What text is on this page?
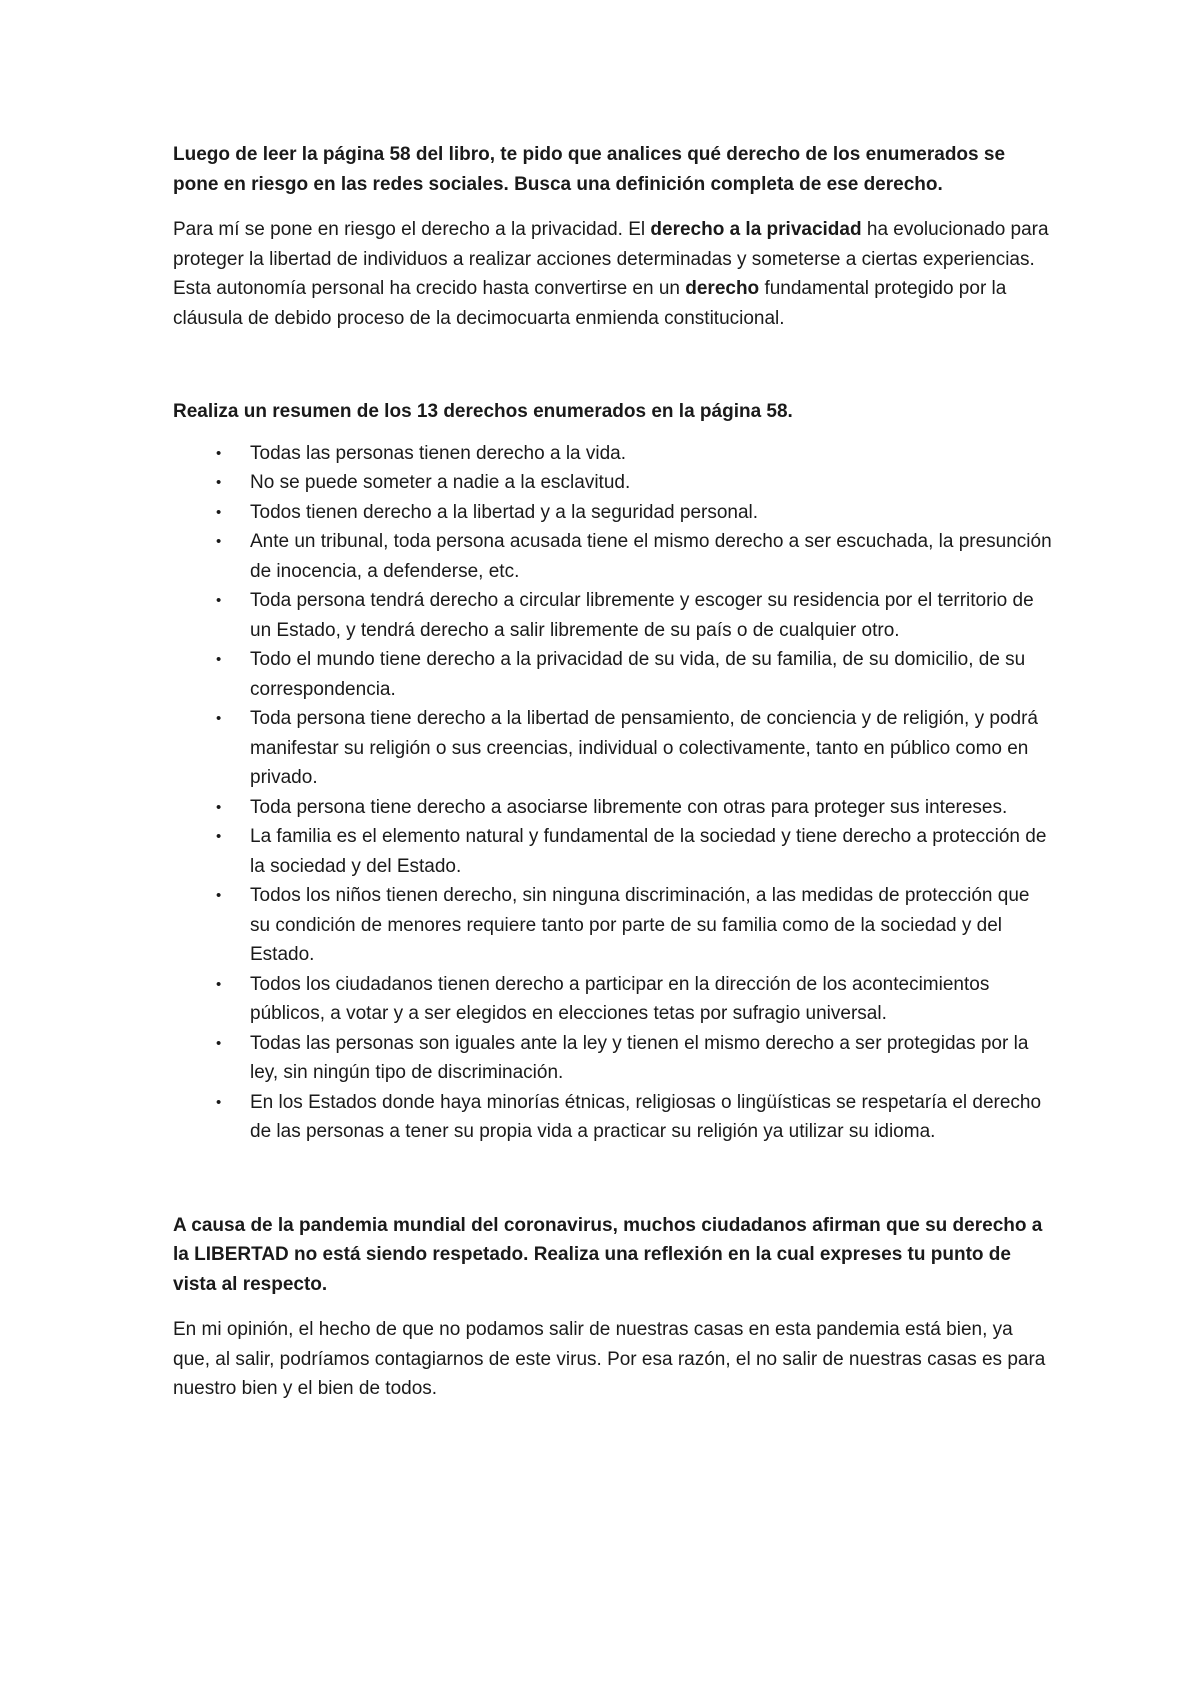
Luego de leer la página 58 del libro, te pido que analices qué derecho de los enumerados se pone en riesgo en las redes sociales. Busca una definición completa de ese derecho.

Para mí se pone en riesgo el derecho a la privacidad. El derecho a la privacidad ha evolucionado para proteger la libertad de individuos a realizar acciones determinadas y someterse a ciertas experiencias. Esta autonomía personal ha crecido hasta convertirse en un derecho fundamental protegido por la cláusula de debido proceso de la decimocuarta enmienda constitucional.

Realiza un resumen de los 13 derechos enumerados en la página 58.

• Todas las personas tienen derecho a la vida.
• No se puede someter a nadie a la esclavitud.
• Todos tienen derecho a la libertad y a la seguridad personal.
• Ante un tribunal, toda persona acusada tiene el mismo derecho a ser escuchada, la presunción de inocencia, a defenderse, etc.
• Toda persona tendrá derecho a circular libremente y escoger su residencia por el territorio de un Estado, y tendrá derecho a salir libremente de su país o de cualquier otro.
• Todo el mundo tiene derecho a la privacidad de su vida, de su familia, de su domicilio, de su correspondencia.
• Toda persona tiene derecho a la libertad de pensamiento, de conciencia y de religión, y podrá manifestar su religión o sus creencias, individual o colectivamente, tanto en público como en privado.
• Toda persona tiene derecho a asociarse libremente con otras para proteger sus intereses.
• La familia es el elemento natural y fundamental de la sociedad y tiene derecho a protección de la sociedad y del Estado.
• Todos los niños tienen derecho, sin ninguna discriminación, a las medidas de protección que su condición de menores requiere tanto por parte de su familia como de la sociedad y del Estado.
• Todos los ciudadanos tienen derecho a participar en la dirección de los acontecimientos públicos, a votar y a ser elegidos en elecciones tetas por sufragio universal.
• Todas las personas son iguales ante la ley y tienen el mismo derecho a ser protegidas por la ley, sin ningún tipo de discriminación.
• En los Estados donde haya minorías étnicas, religiosas o lingüísticas se respetaría el derecho de las personas a tener su propia vida a practicar su religión ya utilizar su idioma.

A causa de la pandemia mundial del coronavirus, muchos ciudadanos afirman que su derecho a la LIBERTAD no está siendo respetado. Realiza una reflexión en la cual expreses tu punto de vista al respecto.

En mi opinión, el hecho de que no podamos salir de nuestras casas en esta pandemia está bien, ya que, al salir, podríamos contagiarnos de este virus. Por esa razón, el no salir de nuestras casas es para nuestro bien y el bien de todos.
